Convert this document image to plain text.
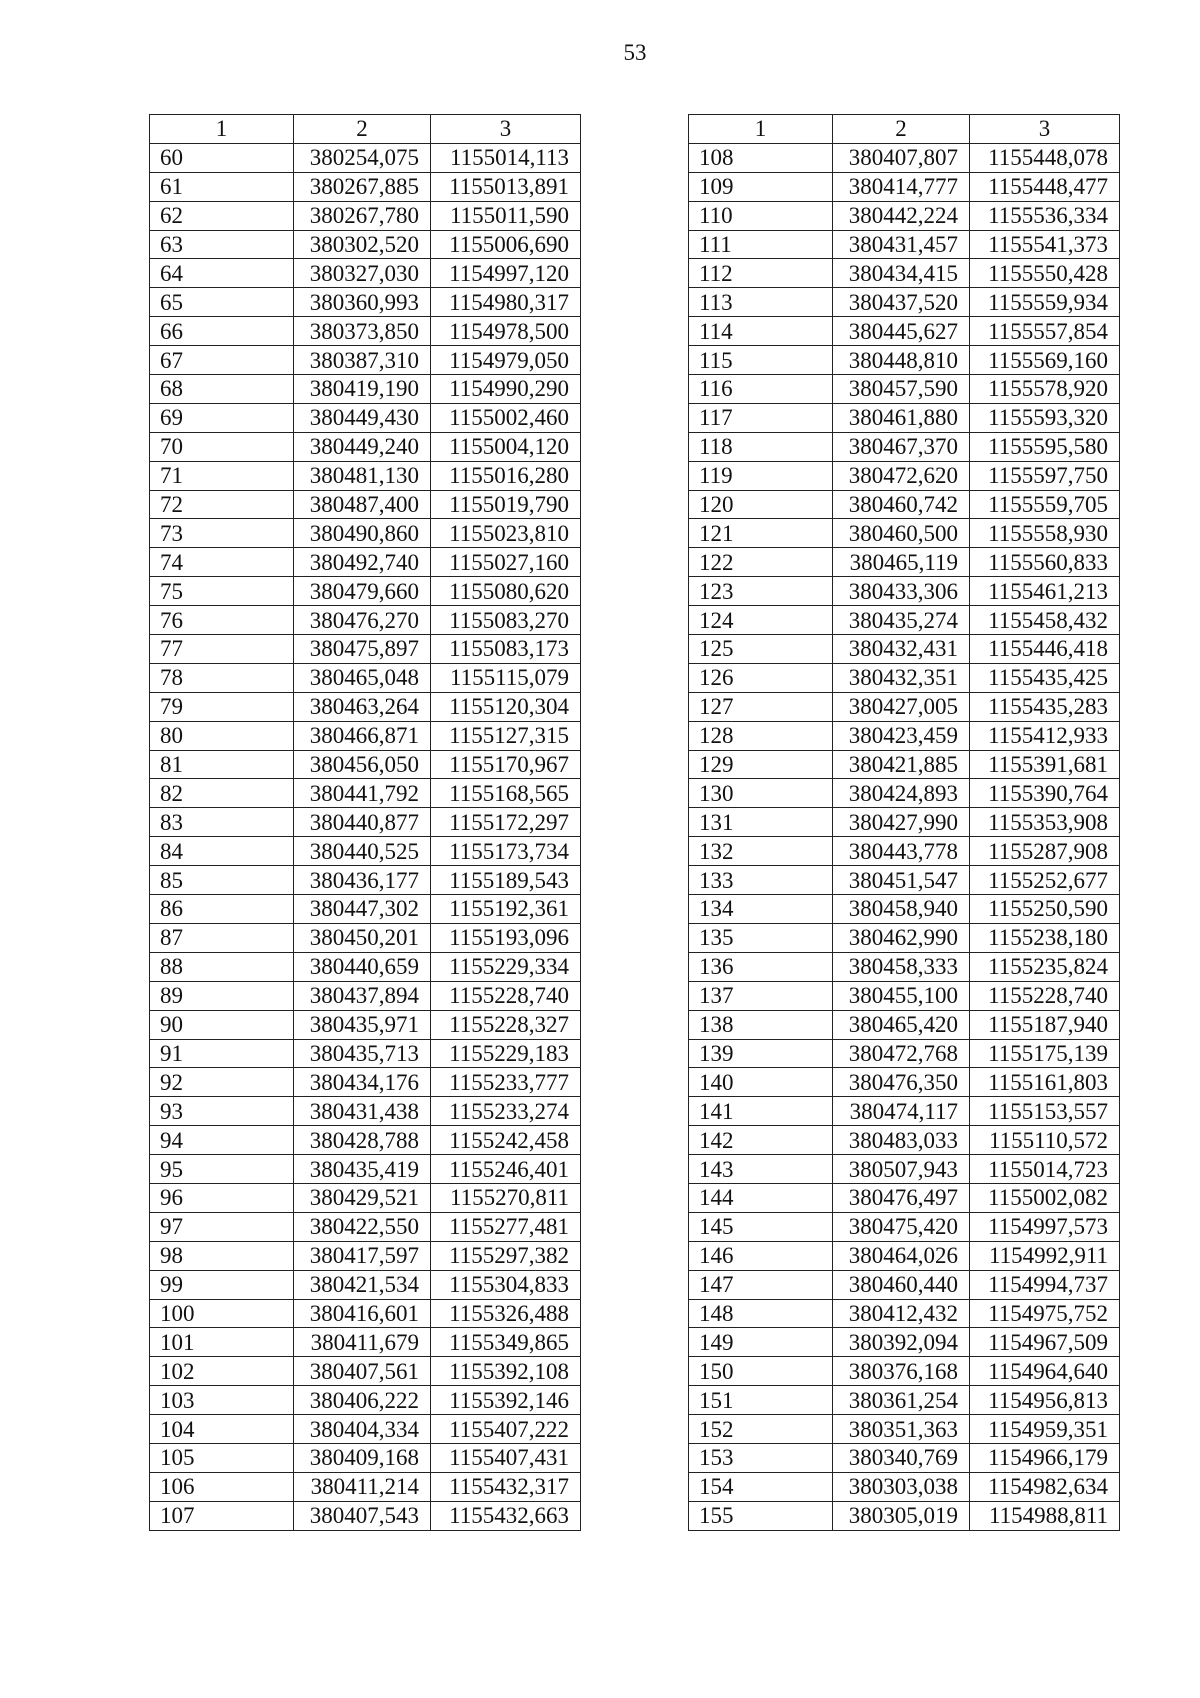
53
1	2	3
60	380254,075	1155014,113
61	380267,885	1155013,891
62	380267,780	1155011,590
63	380302,520	1155006,690
64	380327,030	1154997,120
65	380360,993	1154980,317
66	380373,850	1154978,500
67	380387,310	1154979,050
68	380419,190	1154990,290
69	380449,430	1155002,460
70	380449,240	1155004,120
71	380481,130	1155016,280
72	380487,400	1155019,790
73	380490,860	1155023,810
74	380492,740	1155027,160
75	380479,660	1155080,620
76	380476,270	1155083,270
77	380475,897	1155083,173
78	380465,048	1155115,079
79	380463,264	1155120,304
80	380466,871	1155127,315
81	380456,050	1155170,967
82	380441,792	1155168,565
83	380440,877	1155172,297
84	380440,525	1155173,734
85	380436,177	1155189,543
86	380447,302	1155192,361
87	380450,201	1155193,096
88	380440,659	1155229,334
89	380437,894	1155228,740
90	380435,971	1155228,327
91	380435,713	1155229,183
92	380434,176	1155233,777
93	380431,438	1155233,274
94	380428,788	1155242,458
95	380435,419	1155246,401
96	380429,521	1155270,811
97	380422,550	1155277,481
98	380417,597	1155297,382
99	380421,534	1155304,833
100	380416,601	1155326,488
101	380411,679	1155349,865
102	380407,561	1155392,108
103	380406,222	1155392,146
104	380404,334	1155407,222
105	380409,168	1155407,431
106	380411,214	1155432,317
107	380407,543	1155432,663
1	2	3
108	380407,807	1155448,078
109	380414,777	1155448,477
110	380442,224	1155536,334
111	380431,457	1155541,373
112	380434,415	1155550,428
113	380437,520	1155559,934
114	380445,627	1155557,854
115	380448,810	1155569,160
116	380457,590	1155578,920
117	380461,880	1155593,320
118	380467,370	1155595,580
119	380472,620	1155597,750
120	380460,742	1155559,705
121	380460,500	1155558,930
122	380465,119	1155560,833
123	380433,306	1155461,213
124	380435,274	1155458,432
125	380432,431	1155446,418
126	380432,351	1155435,425
127	380427,005	1155435,283
128	380423,459	1155412,933
129	380421,885	1155391,681
130	380424,893	1155390,764
131	380427,990	1155353,908
132	380443,778	1155287,908
133	380451,547	1155252,677
134	380458,940	1155250,590
135	380462,990	1155238,180
136	380458,333	1155235,824
137	380455,100	1155228,740
138	380465,420	1155187,940
139	380472,768	1155175,139
140	380476,350	1155161,803
141	380474,117	1155153,557
142	380483,033	1155110,572
143	380507,943	1155014,723
144	380476,497	1155002,082
145	380475,420	1154997,573
146	380464,026	1154992,911
147	380460,440	1154994,737
148	380412,432	1154975,752
149	380392,094	1154967,509
150	380376,168	1154964,640
151	380361,254	1154956,813
152	380351,363	1154959,351
153	380340,769	1154966,179
154	380303,038	1154982,634
155	380305,019	1154988,811
